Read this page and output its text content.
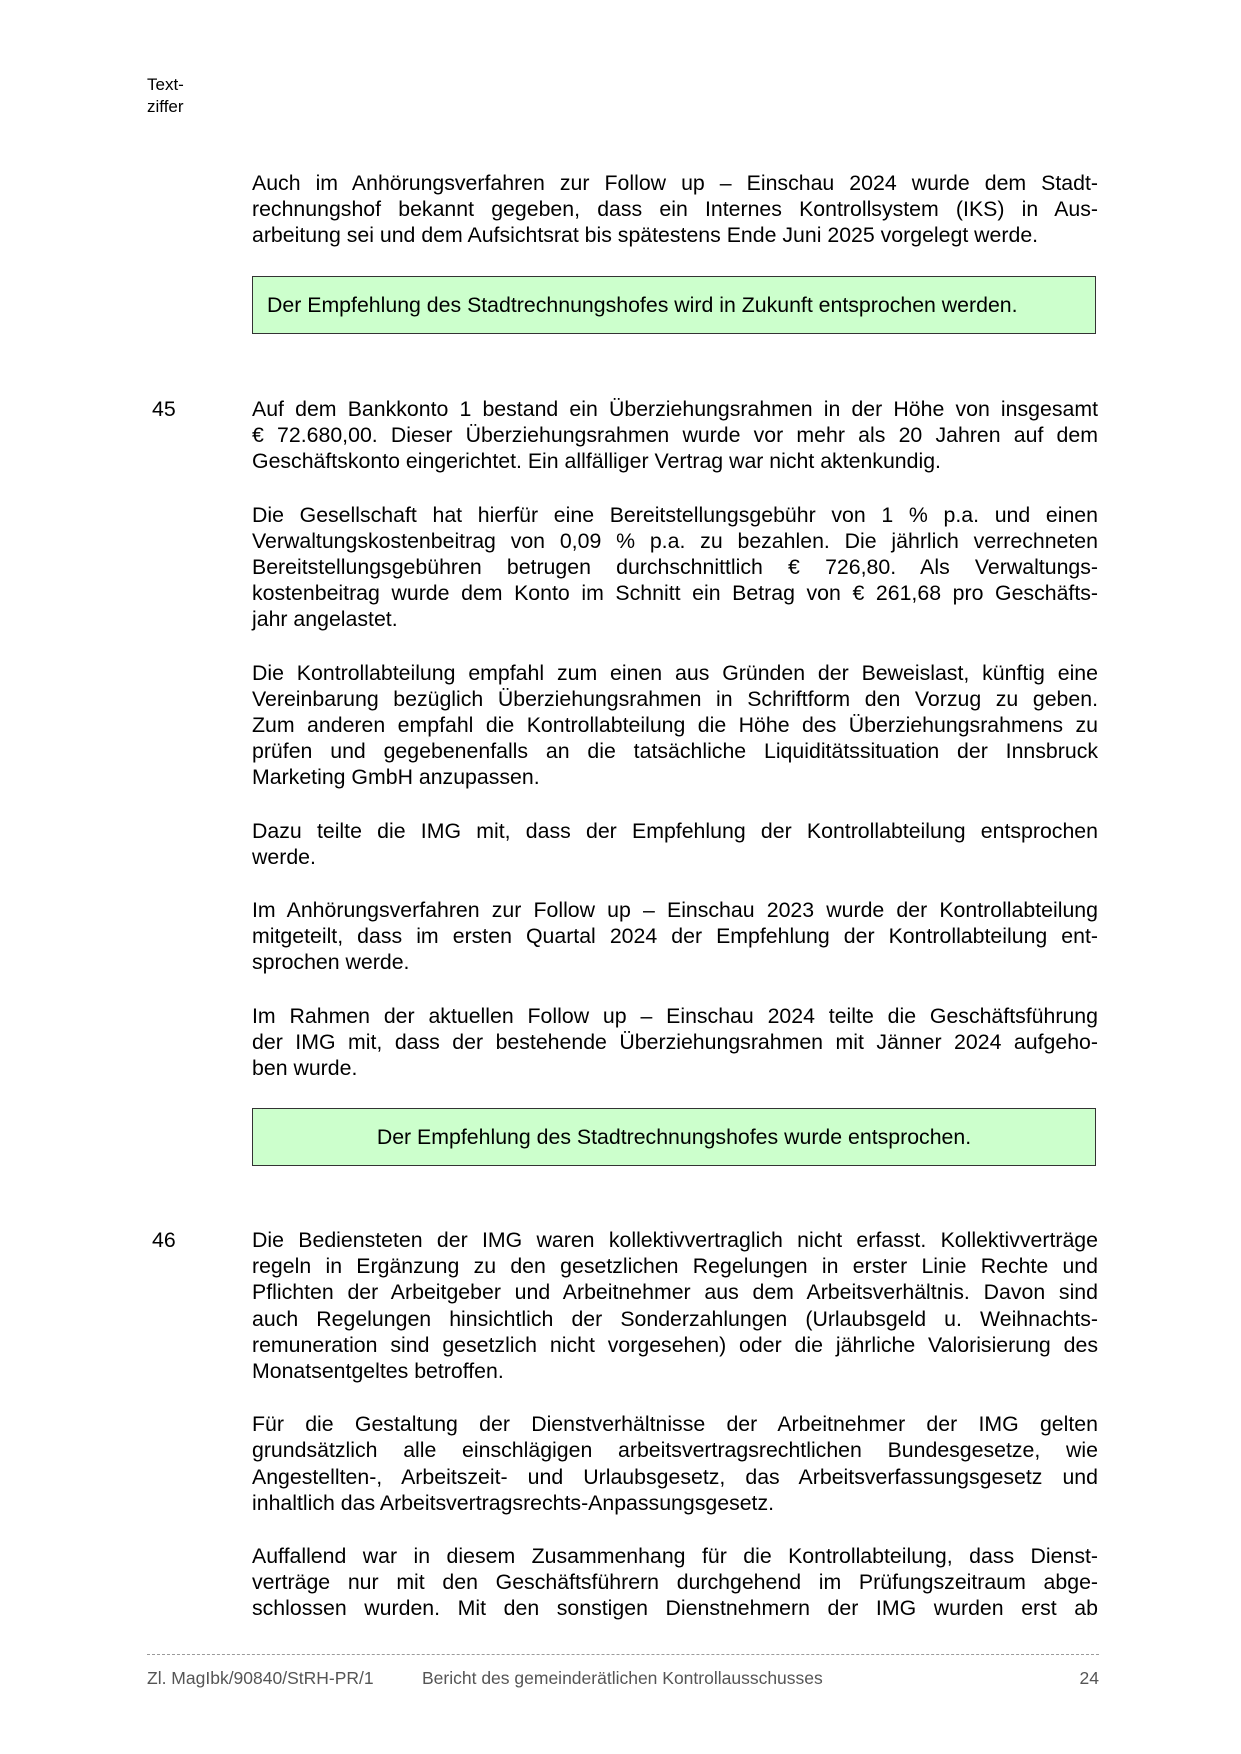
Text-
ziffer

Auch im Anhörungsverfahren zur Follow up – Einschau 2024 wurde dem Stadt-
rechnungshof bekannt gegeben, dass ein Internes Kontrollsystem (IKS) in Aus-
arbeitung sei und dem Aufsichtsrat bis spätestens Ende Juni 2025 vorgelegt werde.

Der Empfehlung des Stadtrechnungshofes wird in Zukunft entsprochen werden.
45	Auf dem Bankkonto 1 bestand ein Überziehungsrahmen in der Höhe von insgesamt
€ 72.680,00. Dieser Überziehungsrahmen wurde vor mehr als 20 Jahren auf dem
Geschäftskonto eingerichtet. Ein allfälliger Vertrag war nicht aktenkundig.

Die Gesellschaft hat hierfür eine Bereitstellungsgebühr von 1 % p.a. und einen
Verwaltungskostenbeitrag von 0,09 % p.a. zu bezahlen. Die jährlich verrechneten
Bereitstellungsgebühren betrugen durchschnittlich € 726,80. Als Verwaltungs-
kostenbeitrag wurde dem Konto im Schnitt ein Betrag von € 261,68 pro Geschäfts-
jahr angelastet.

Die Kontrollabteilung empfahl zum einen aus Gründen der Beweislast, künftig eine
Vereinbarung bezüglich Überziehungsrahmen in Schriftform den Vorzug zu geben.
Zum anderen empfahl die Kontrollabteilung die Höhe des Überziehungsrahmens zu
prüfen und gegebenenfalls an die tatsächliche Liquiditätssituation der Innsbruck
Marketing GmbH anzupassen.

Dazu teilte die IMG mit, dass der Empfehlung der Kontrollabteilung entsprochen
werde.

Im Anhörungsverfahren zur Follow up – Einschau 2023 wurde der Kontrollabteilung
mitgeteilt, dass im ersten Quartal 2024 der Empfehlung der Kontrollabteilung ent-
sprochen werde.

Im Rahmen der aktuellen Follow up – Einschau 2024 teilte die Geschäftsführung
der IMG mit, dass der bestehende Überziehungsrahmen mit Jänner 2024 aufgeho-
ben wurde.

Der Empfehlung des Stadtrechnungshofes wurde entsprochen.
46	Die Bediensteten der IMG waren kollektivvertraglich nicht erfasst. Kollektivverträge
regeln in Ergänzung zu den gesetzlichen Regelungen in erster Linie Rechte und
Pflichten der Arbeitgeber und Arbeitnehmer aus dem Arbeitsverhältnis. Davon sind
auch Regelungen hinsichtlich der Sonderzahlungen (Urlaubsgeld u. Weihnachts-
remuneration sind gesetzlich nicht vorgesehen) oder die jährliche Valorisierung des
Monatsentgeltes betroffen.

Für die Gestaltung der Dienstverhältnisse der Arbeitnehmer der IMG gelten
grundsätzlich alle einschlägigen arbeitsvertragsrechtlichen Bundesgesetze, wie
Angestellten-, Arbeitszeit- und Urlaubsgesetz, das Arbeitsverfassungsgesetz und
inhaltlich das Arbeitsvertragsrechts-Anpassungsgesetz.

Auffallend war in diesem Zusammenhang für die Kontrollabteilung, dass Dienst-
verträge nur mit den Geschäftsführern durchgehend im Prüfungszeitraum abge-
schlossen wurden. Mit den sonstigen Dienstnehmern der IMG wurden erst ab

Zl. MagIbk/90840/StRH-PR/1	Bericht des gemeinderätlichen Kontrollausschusses	24
